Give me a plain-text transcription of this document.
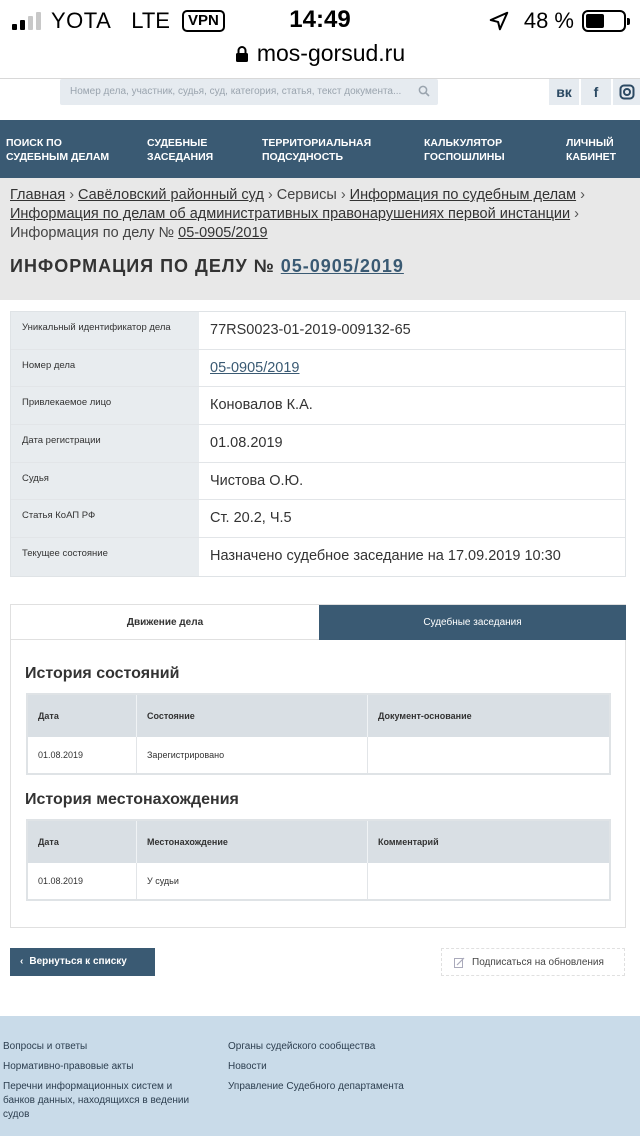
YOTA LTE	VPN	14:49	48 %
mos-gorsud.ru
Номер дела, участник, судья, суд, категория, статья, текст документа...	вк	f
ПОИСК ПО СУДЕБНЫМ ДЕЛАМ
СУДЕБНЫЕ ЗАСЕДАНИЯ
ТЕРРИТОРИАЛЬНАЯ ПОДСУДНОСТЬ
КАЛЬКУЛЯТОР ГОСПОШЛИНЫ
ЛИЧНЫЙ КАБИНЕТ
Главная › Савёловский районный суд › Сервисы › Информация по судебным делам ›
Информация по делам об административных правонарушениях первой инстанции ›
Информация по делу № 05-0905/2019
ИНФОРМАЦИЯ ПО ДЕЛУ № 05-0905/2019
Уникальный идентификатор дела	77RS0023-01-2019-009132-65
Номер дела	05-0905/2019
Привлекаемое лицо	Коновалов К.А.
Дата регистрации	01.08.2019
Судья	Чистова О.Ю.
Статья КоАП РФ	Ст. 20.2, Ч.5
Текущее состояние	Назначено судебное заседание на 17.09.2019 10:30
Движение дела	Судебные заседания
История состояний
Дата	Состояние	Документ-основание
01.08.2019	Зарегистрировано
История местонахождения
Дата	Местонахождение	Комментарий
01.08.2019	У судьи
‹ Вернуться к списку	Подписаться на обновления
Вопросы и ответы
Нормативно-правовые акты
Перечни информационных систем и банков данных, находящихся в ведении судов
Органы судейского сообщества
Новости
Управление Судебного департамента
